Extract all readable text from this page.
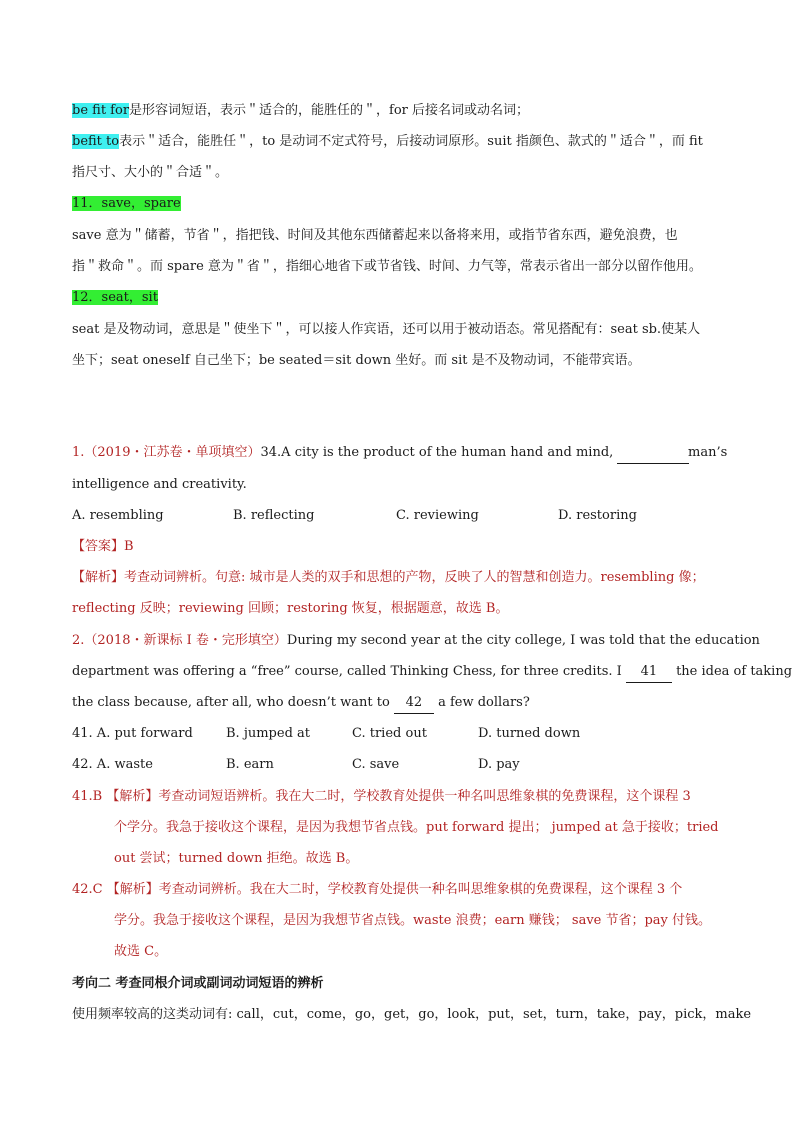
be fit for是形容词短语，表示＂适合的，能胜任的＂，for 后接名词或动名词；
befit to表示＂适合，能胜任＂，to 是动词不定式符号，后接动词原形。suit 指颜色、款式的＂适合＂，而 fit
指尺寸、大小的＂合适＂。
11．save，spare
save 意为＂储蓄，节省＂，指把钱、时间及其他东西储蓄起来以备将来用，或指节省东西，避免浪费，也
指＂救命＂。而 spare 意为＂省＂，指细心地省下或节省钱、时间、力气等，常表示省出一部分以留作他用。
12．seat，sit
seat 是及物动词，意思是＂使坐下＂，可以接人作宾语，还可以用于被动语态。常见搭配有：seat sb.使某人
坐下；seat oneself 自己坐下；be seated＝sit down 坐好。而 sit 是不及物动词，不能带宾语。
1.（2019・江苏卷・单项填空）34.A city is the product of the human hand and mind,	man’s
intelligence and creativity.
A. resembling	B. reflecting	C. reviewing	D. restoring
【答案】B
【解析】考查动词辨析。句意: 城市是人类的双手和思想的产物，反映了人的智慧和创造力。resembling 像；
reflecting 反映；reviewing 回顾；restoring 恢复，根据题意，故选 B。
2.（2018・新课标 I 卷・完形填空）During my second year at the city college, I was told that the education
department was offering a “free” course, called Thinking Chess, for three credits. I 41 the idea of taking
the class because, after all, who doesn’t want to 42 a few dollars?
41. A. put forward	B. jumped at	C. tried out	D. turned down
42. A. waste	B. earn	C. save	D. pay
41.B 【解析】考查动词短语辨析。我在大二时，学校教育处提供一种名叫思维象棋的免费课程，这个课程 3
个学分。我急于接收这个课程，是因为我想节省点钱。put forward 提出； jumped at 急于接收；tried
out 尝试；turned down 拒绝。故选 B。
42.C 【解析】考查动词辨析。我在大二时，学校教育处提供一种名叫思维象棋的免费课程，这个课程 3 个
学分。我急于接收这个课程，是因为我想节省点钱。waste 浪费；earn 赚钱； save 节省；pay 付钱。
故选 C。
考向二 考查同根介词或副词动词短语的辨析
使用频率较高的这类动词有: call，cut，come，go，get，go，look，put，set，turn，take，pay，pick，make
